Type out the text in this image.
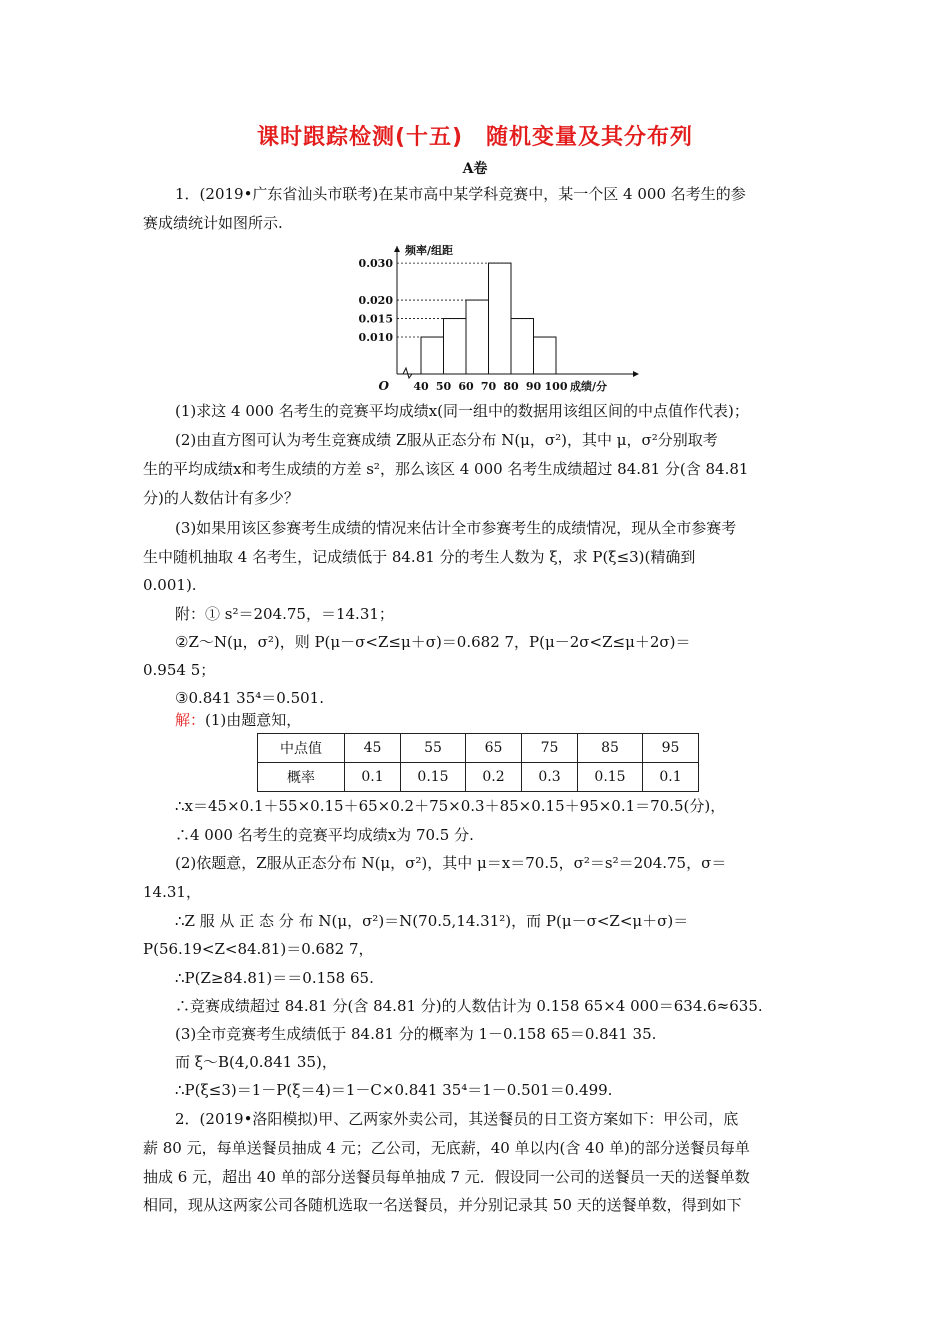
课时跟踪检测(十五)　随机变量及其分布列
A卷
1．(2019•广东省汕头市联考)在某市高中某学科竞赛中，某一个区 4 000 名考生的参
赛成绩统计如图所示.
0.010
0.015
0.020
0.030
40 50 60 70 80 90 100 成绩/分
O
频率/组距
(1)求这 4 000 名考生的竞赛平均成绩x(同一组中的数据用该组区间的中点值作代表)；
(2)由直方图可认为考生竞赛成绩 Z服从正态分布 N(μ，σ²)，其中 μ，σ²分别取考
生的平均成绩x和考生成绩的方差 s²，那么该区 4 000 名考生成绩超过 84.81 分(含 84.81
分)的人数估计有多少？
(3)如果用该区参赛考生成绩的情况来估计全市参赛考生的成绩情况，现从全市参赛考
生中随机抽取 4 名考生，记成绩低于 84.81 分的考生人数为 ξ，求 P(ξ≤3)(精确到
0.001).
附：① s²＝204.75，＝14.31；
②Z～N(μ，σ²)，则 P(μ－σ<Z≤μ＋σ)＝0.682 7，P(μ－2σ<Z≤μ＋2σ)＝
0.954 5；
③0.841 35⁴＝0.501.
解：(1)由题意知，
中点值	45	55	65	75	85	95
概率	0.1	0.15	0.2	0.3	0.15	0.1
∴x＝45×0.1＋55×0.15＋65×0.2＋75×0.3＋85×0.15＋95×0.1＝70.5(分)，
∴4 000 名考生的竞赛平均成绩x为 70.5 分.
(2)依题意，Z服从正态分布 N(μ，σ²)，其中 μ＝x＝70.5，σ²＝s²＝204.75，σ＝
14.31，
∴Z 服 从 正 态 分 布 N(μ，σ²)＝N(70.5,14.31²)，而 P(μ－σ<Z<μ＋σ)＝
P(56.19<Z<84.81)＝0.682 7，
∴P(Z≥84.81)＝＝0.158 65.
∴竞赛成绩超过 84.81 分(含 84.81 分)的人数估计为 0.158 65×4 000＝634.6≈635.
(3)全市竞赛考生成绩低于 84.81 分的概率为 1－0.158 65＝0.841 35.
而 ξ～B(4,0.841 35)，
∴P(ξ≤3)＝1－P(ξ＝4)＝1－C×0.841 35⁴＝1－0.501＝0.499.
2．(2019•洛阳模拟)甲、乙两家外卖公司，其送餐员的日工资方案如下：甲公司，底
薪 80 元，每单送餐员抽成 4 元；乙公司，无底薪，40 单以内(含 40 单)的部分送餐员每单
抽成 6 元，超出 40 单的部分送餐员每单抽成 7 元．假设同一公司的送餐员一天的送餐单数
相同，现从这两家公司各随机选取一名送餐员，并分别记录其 50 天的送餐单数，得到如下
